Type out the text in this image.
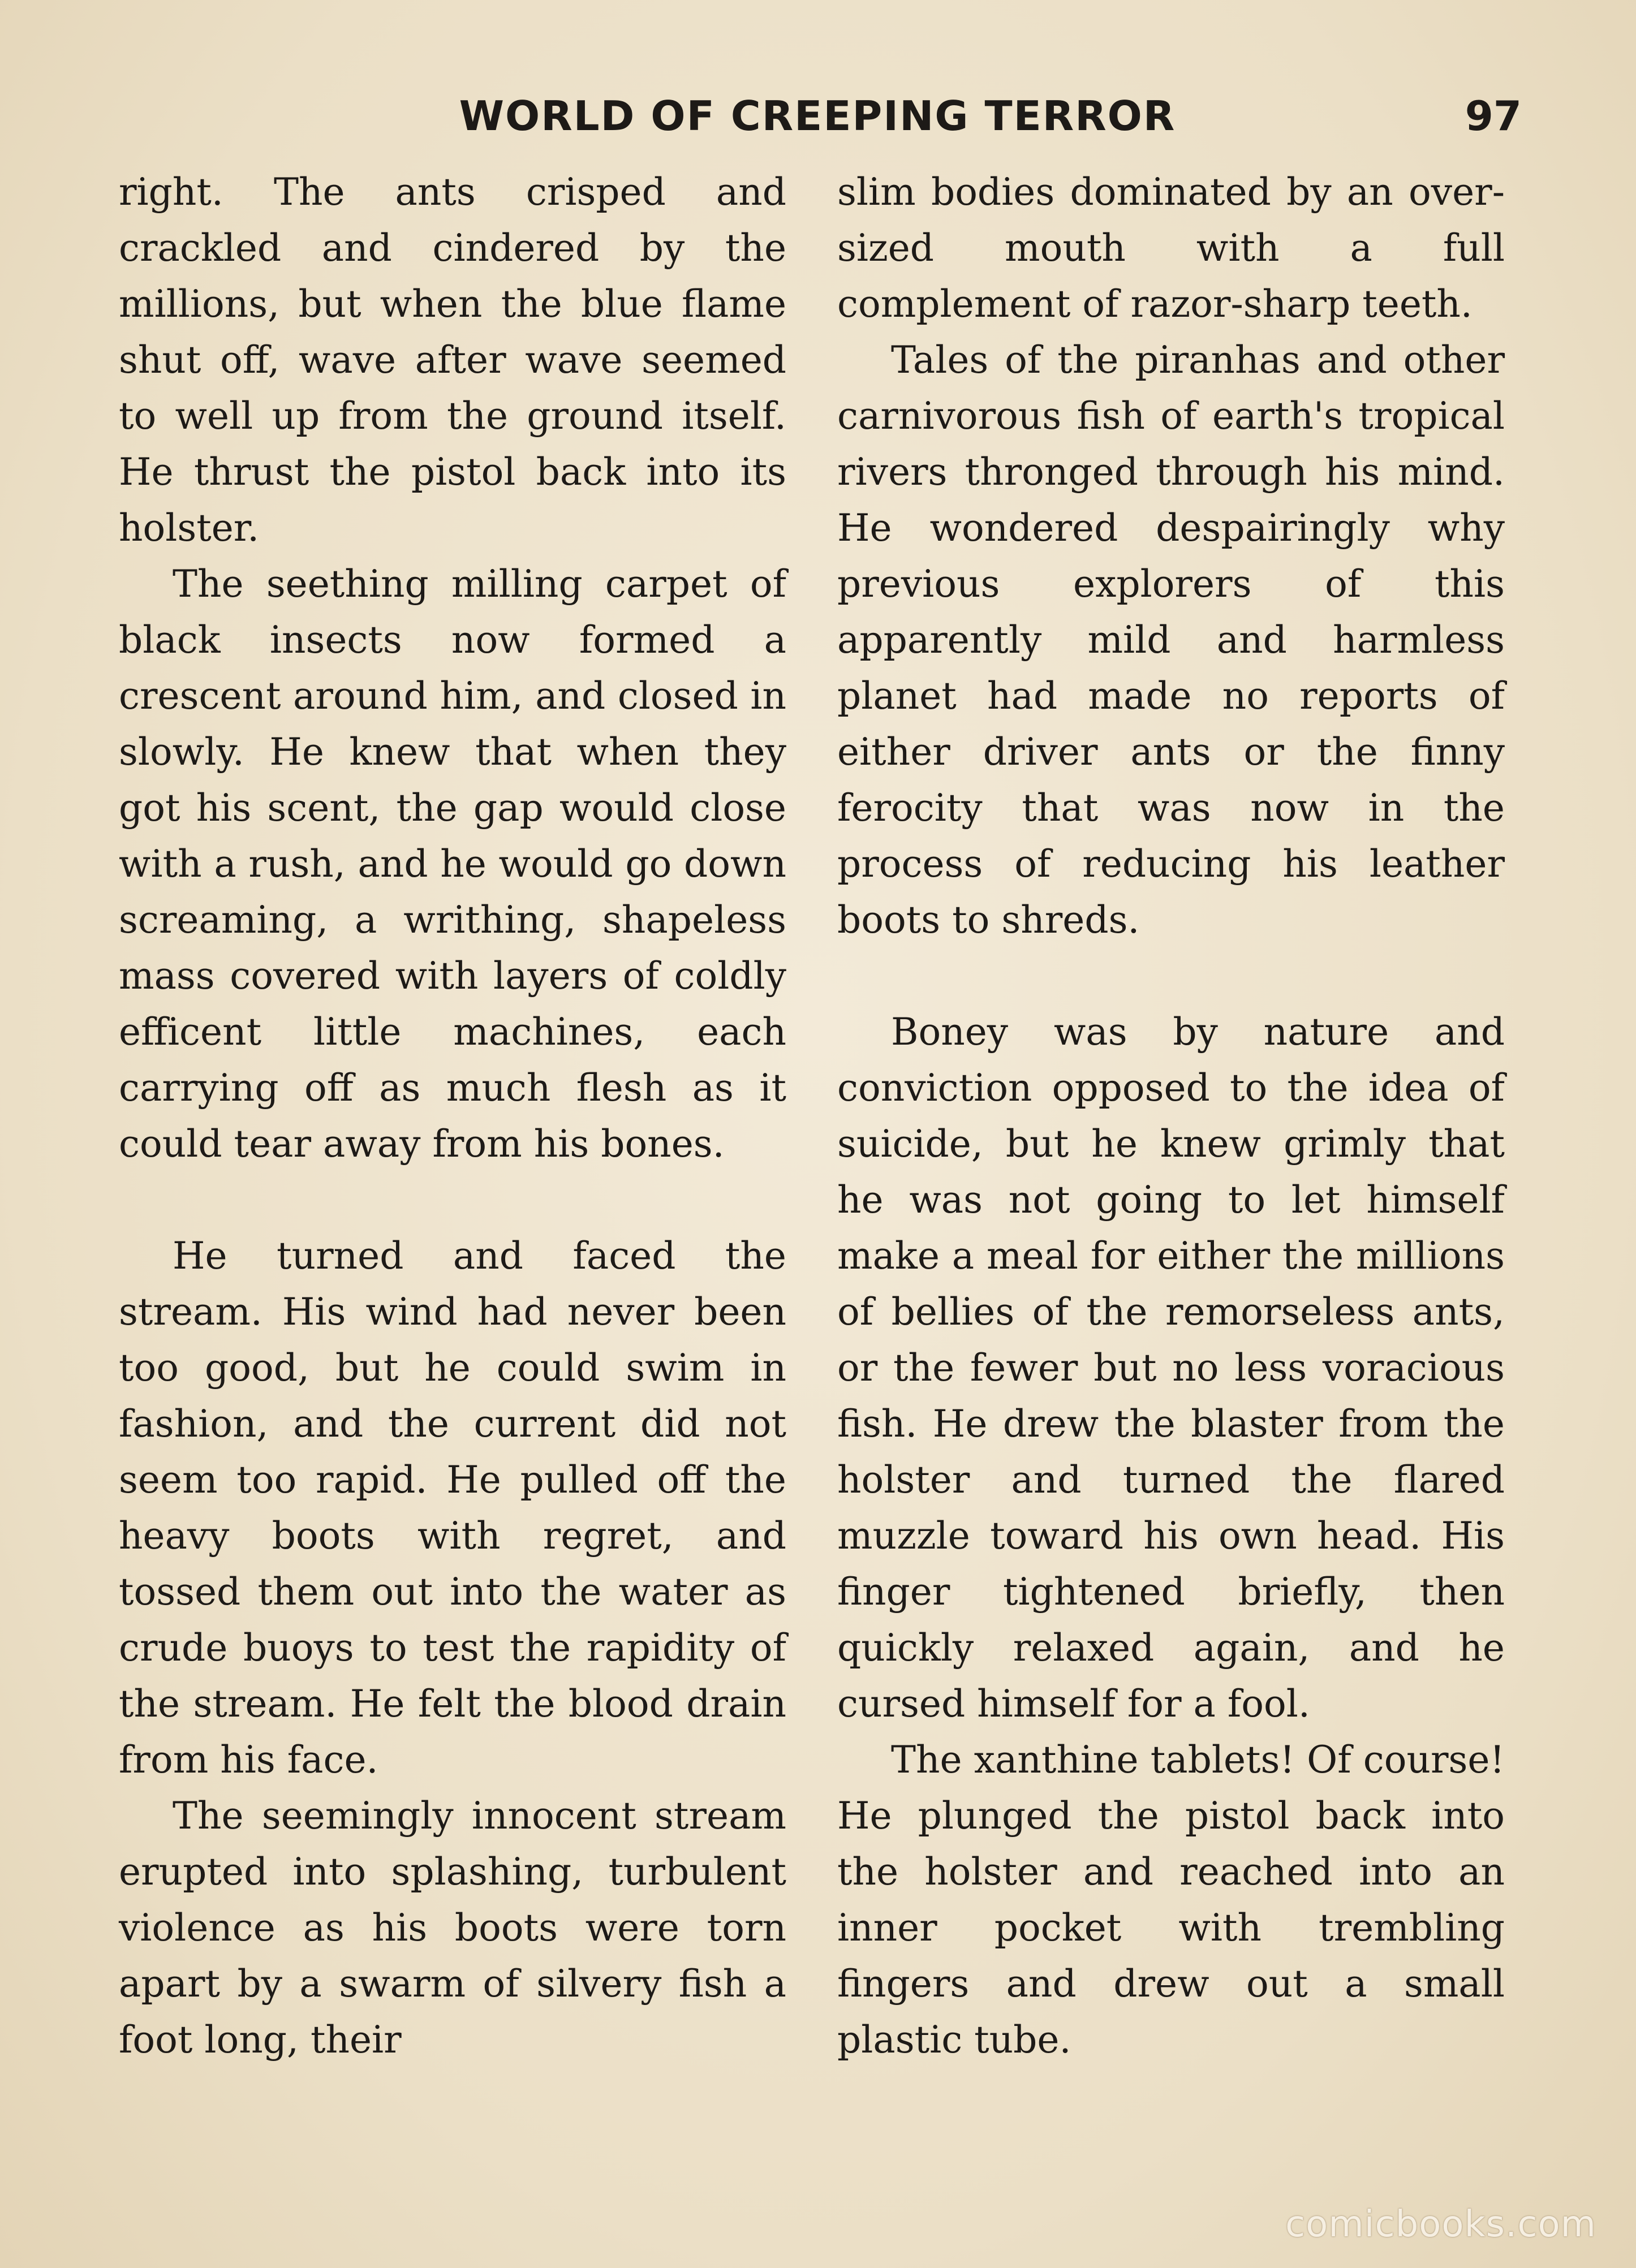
WORLD OF CREEPING TERROR	97

right. The ants crisped and crackled and cindered by the millions, but when the blue flame shut off, wave after wave seemed to well up from the ground itself. He thrust the pistol back into its holster.

The seething milling carpet of black insects now formed a crescent around him, and closed in slowly. He knew that when they got his scent, the gap would close with a rush, and he would go down screaming, a writhing, shapeless mass covered with layers of coldly efficent little machines, each carrying off as much flesh as it could tear away from his bones.

He turned and faced the stream. His wind had never been too good, but he could swim in fashion, and the current did not seem too rapid. He pulled off the heavy boots with regret, and tossed them out into the water as crude buoys to test the rapidity of the stream. He felt the blood drain from his face.

The seemingly innocent stream erupted into splashing, turbulent violence as his boots were torn apart by a swarm of silvery fish a foot long, their

slim bodies dominated by an over-sized mouth with a full complement of razor-sharp teeth.

Tales of the piranhas and other carnivorous fish of earth's tropical rivers thronged through his mind. He wondered despairingly why previous explorers of this apparently mild and harmless planet had made no reports of either driver ants or the finny ferocity that was now in the process of reducing his leather boots to shreds.

Boney was by nature and conviction opposed to the idea of suicide, but he knew grimly that he was not going to let himself make a meal for either the millions of bellies of the remorseless ants, or the fewer but no less voracious fish. He drew the blaster from the holster and turned the flared muzzle toward his own head. His finger tightened briefly, then quickly relaxed again, and he cursed himself for a fool.

The xanthine tablets! Of course! He plunged the pistol back into the holster and reached into an inner pocket with trembling fingers and drew out a small plastic tube.

comicbooks.com
